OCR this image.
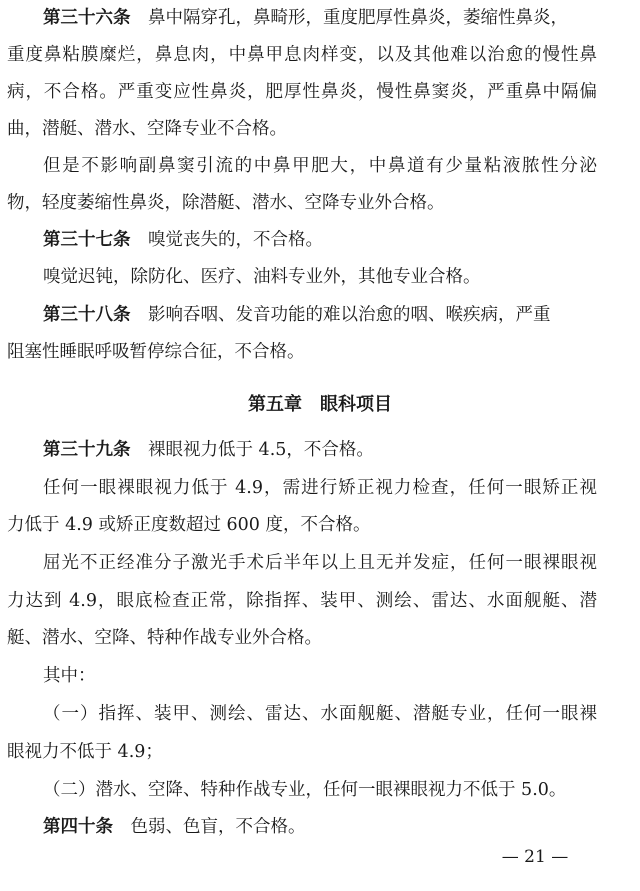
第三十六条　 鼻中隔穿孔，鼻畸形，重度肥厚性鼻炎，萎缩性鼻炎，
重度鼻粘膜糜烂，鼻息肉，中鼻甲息肉样变，以及其他难以治愈的慢性鼻
病，不合格。严重变应性鼻炎，肥厚性鼻炎，慢性鼻窦炎，严重鼻中隔偏
曲，潜艇、潜水、空降专业不合格。
但是不影响副鼻窦引流的中鼻甲肥大，中鼻道有少量粘液脓性分泌
物，轻度萎缩性鼻炎，除潜艇、潜水、空降专业外合格。
第三十七条　 嗅觉丧失的，不合格。
嗅觉迟钝，除防化、医疗、油料专业外，其他专业合格。
第三十八条　 影响吞咽、发音功能的难以治愈的咽、喉疾病，严重
阻塞性睡眠呼吸暂停综合征，不合格。
第五章　眼科项目
第三十九条　 裸眼视力低于 4.5，不合格。
任何一眼裸眼视力低于 4.9，需进行矫正视力检查，任何一眼矫正视
力低于 4.9 或矫正度数超过 600 度，不合格。
屈光不正经准分子激光手术后半年以上且无并发症，任何一眼裸眼视
力达到 4.9，眼底检查正常，除指挥、装甲、测绘、雷达、水面舰艇、潜
艇、潜水、空降、特种作战专业外合格。
其中：
（一）指挥、装甲、测绘、雷达、水面舰艇、潜艇专业，任何一眼裸
眼视力不低于 4.9；
（二）潜水、空降、特种作战专业，任何一眼裸眼视力不低于 5.0。
第四十条　 色弱、色盲，不合格。
— 21 —
